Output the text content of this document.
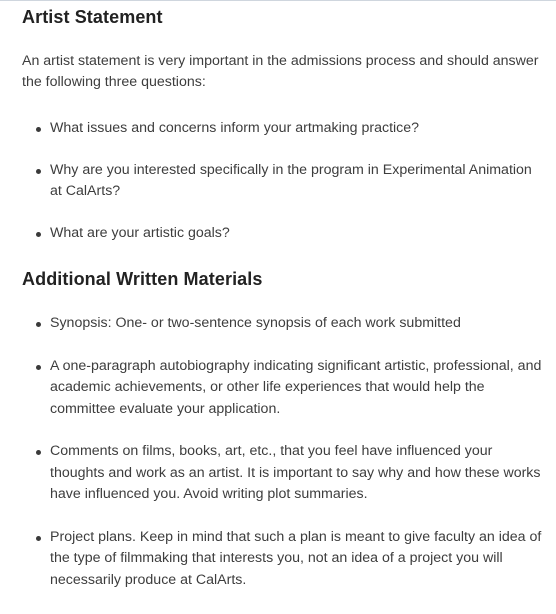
Artist Statement

An artist statement is very important in the admissions process and should answer the following three questions:

What issues and concerns inform your artmaking practice?
Why are you interested specifically in the program in Experimental Animation at CalArts?
What are your artistic goals?
Additional Written Materials
Synopsis: One- or two-sentence synopsis of each work submitted
A one-paragraph autobiography indicating significant artistic, professional, and academic achievements, or other life experiences that would help the committee evaluate your application.
Comments on films, books, art, etc., that you feel have influenced your thoughts and work as an artist. It is important to say why and how these works have influenced you. Avoid writing plot summaries.
Project plans. Keep in mind that such a plan is meant to give faculty an idea of the type of filmmaking that interests you, not an idea of a project you will necessarily produce at CalArts.
